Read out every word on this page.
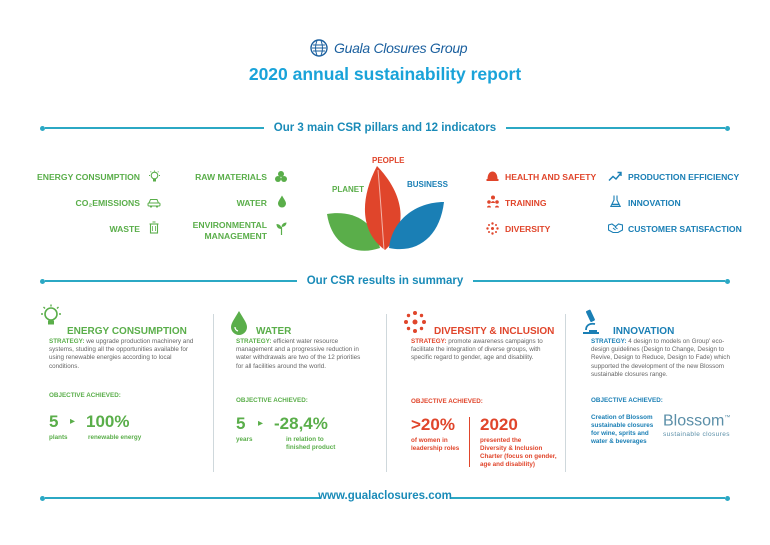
Guala Closures Group
2020 annual sustainability report
Our 3 main CSR pillars and 12 indicators
ENERGY CONSUMPTION
CO₂EMISSIONS
WASTE
RAW MATERIALS
WATER
ENVIRONMENTAL
MANAGEMENT
PEOPLE
PLANET
BUSINESS
HEALTH AND SAFETY
TRAINING
DIVERSITY
PRODUCTION EFFICIENCY
INNOVATION
CUSTOMER SATISFACTION
Our CSR results in summary
ENERGY CONSUMPTION
STRATEGY: we upgrade production machinery and systems, studing all the opportunities available for using renewable energies according to local conditions.
OBJECTIVE ACHIEVED:
5 ▸ 100%
plants	renewable energy
WATER
STRATEGY: efficient water resource management and a progressive reduction in water withdrawals are two of the 12 priorities for all facilities around the world.
OBJECTIVE ACHIEVED:
5 ▸ -28,4%
years	in relation to
finished product
DIVERSITY & INCLUSION
STRATEGY: promote awareness campaigns to facilitate the integration of diverse groups, with specific regard to gender, age and disability.
OBJECTIVE ACHIEVED:
>20%
of women in
leadership roles
2020
presented the
Diversity & Inclusion
Charter (focus on gender,
age and disability)
INNOVATION
STRATEGY: 4 design to models on Group' eco-design guidelines (Design to Change, Design to Revive, Design to Reduce, Design to Fade) which supported the development of the new Blossom sustainable closures range.
OBJECTIVE ACHIEVED:
Creation of Blossom
sustainable closures
for wine, sprits and
water & beverages
Blossom™
sustainable closures
www.gualaclosures.com
